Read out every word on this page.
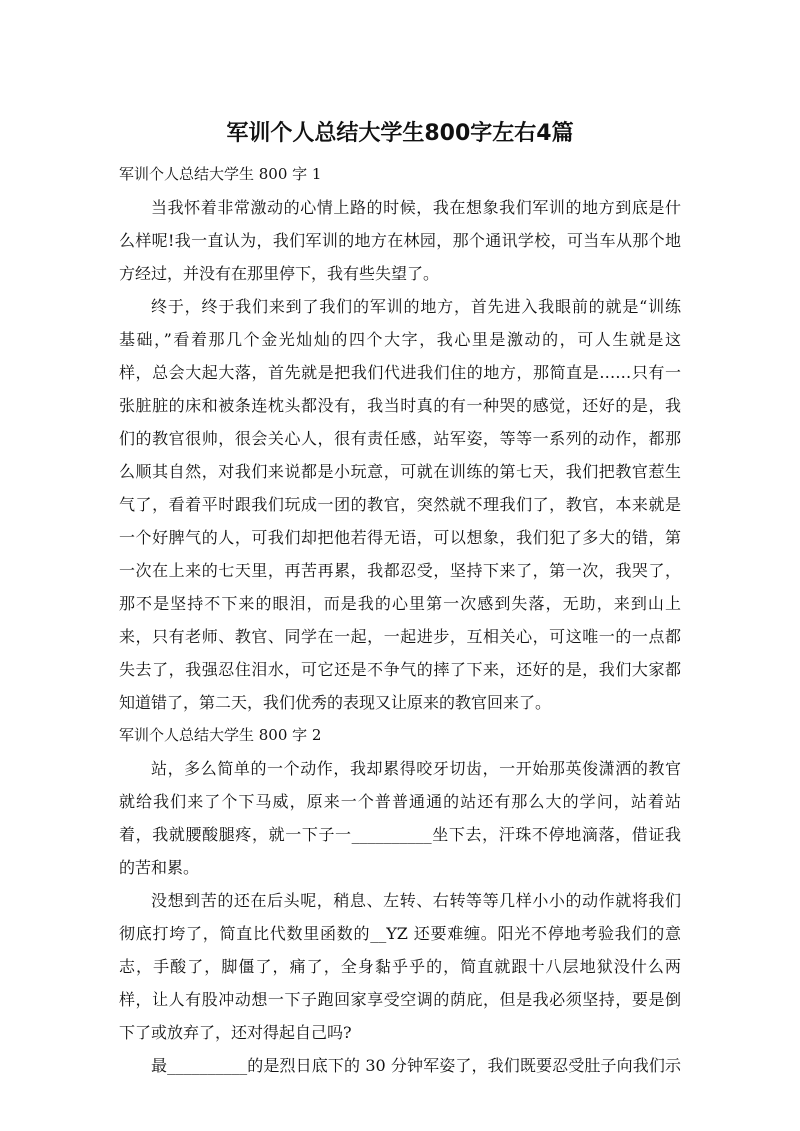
军训个人总结大学生800字左右4篇
军训个人总结大学生 800 字 1
当我怀着非常激动的心情上路的时候，我在想象我们军训的地方到底是什
么样呢!我一直认为，我们军训的地方在林园，那个通讯学校，可当车从那个地
方经过，并没有在那里停下，我有些失望了。
终于，终于我们来到了我们的军训的地方，首先进入我眼前的就是“训练
基础，”看着那几个金光灿灿的四个大字，我心里是激动的，可人生就是这
样，总会大起大落，首先就是把我们代进我们住的地方，那简直是……只有一
张脏脏的床和被条连枕头都没有，我当时真的有一种哭的感觉，还好的是，我
们的教官很帅，很会关心人，很有责任感，站军姿，等等一系列的动作，都那
么顺其自然，对我们来说都是小玩意，可就在训练的第七天，我们把教官惹生
气了，看着平时跟我们玩成一团的教官，突然就不理我们了，教官，本来就是
一个好脾气的人，可我们却把他若得无语，可以想象，我们犯了多大的错，第
一次在上来的七天里，再苦再累，我都忍受，坚持下来了，第一次，我哭了，
那不是坚持不下来的眼泪，而是我的心里第一次感到失落，无助，来到山上
来，只有老师、教官、同学在一起，一起进步，互相关心，可这唯一的一点都
失去了，我强忍住泪水，可它还是不争气的摔了下来，还好的是，我们大家都
知道错了，第二天，我们优秀的表现又让原来的教官回来了。
军训个人总结大学生 800 字 2
站，多么简单的一个动作，我却累得咬牙切齿，一开始那英俊潇洒的教官
就给我们来了个下马威，原来一个普普通通的站还有那么大的学问，站着站
着，我就腰酸腿疼，就一下子一__________坐下去，汗珠不停地滴落，借证我
的苦和累。
没想到苦的还在后头呢，稍息、左转、右转等等几样小小的动作就将我们
彻底打垮了，简直比代数里函数的__YZ 还要难缠。阳光不停地考验我们的意
志，手酸了，脚僵了，痛了，全身黏乎乎的，简直就跟十八层地狱没什么两
样，让人有股冲动想一下子跑回家享受空调的荫庇，但是我必须坚持，要是倒
下了或放弃了，还对得起自己吗?
最__________的是烈日底下的 30 分钟军姿了，我们既要忍受肚子向我们示
